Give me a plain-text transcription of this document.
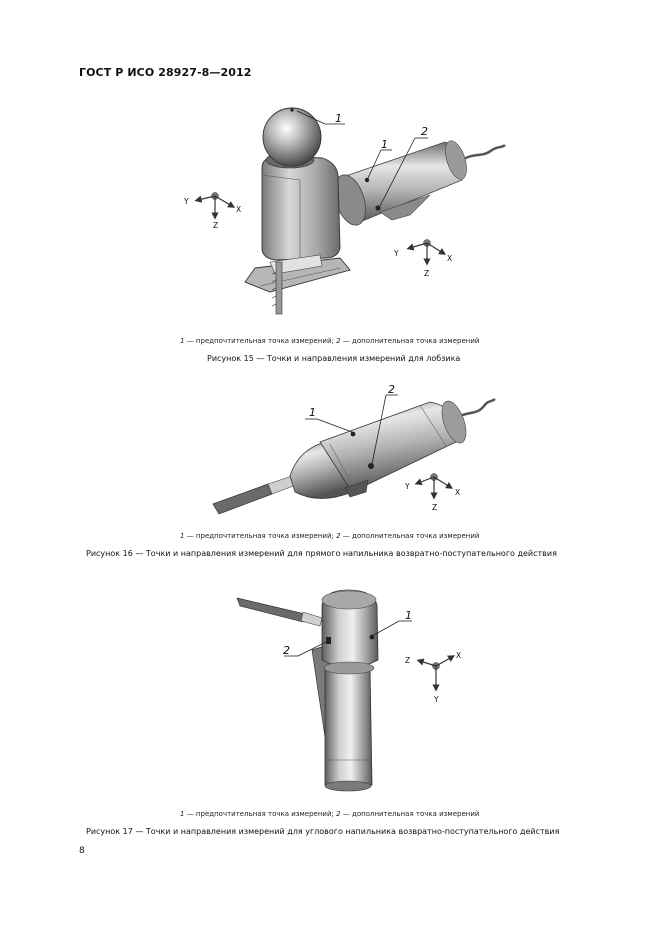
ГОСТ Р ИСО 28927-8—2012
1
1
2
Y
X
Z
Y
X
Z
1 — предпочтительная точка измерений; 2 — дополнительная точка измерений
Рисунок 15 — Точки и направления измерений для лобзика
1
2
Y
X
Z
1 — предпочтительная точка измерений; 2 — дополнительная точка измерений
Рисунок 16 — Точки и направления измерений для прямого напильника возвратно-поступательного действия
1
2
Z
X
Y
1 — предпочтительная точка измерений; 2 — дополнительная точка измерений
Рисунок 17 — Точки и направления измерений для углового напильника возвратно-поступательного действия
8
